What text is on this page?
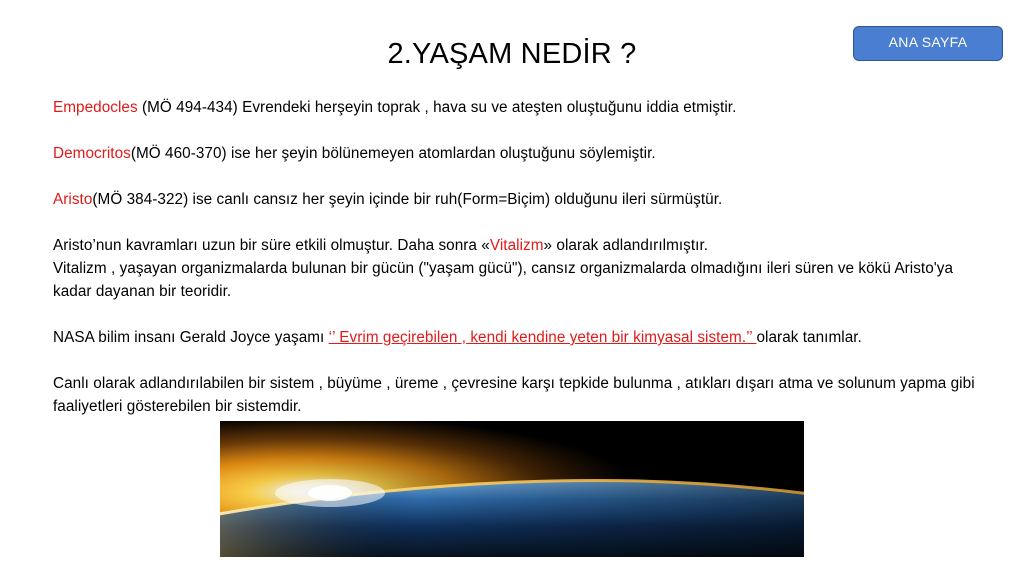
ANA SAYFA
2.YAŞAM NEDİR ?

Empedocles (MÖ 494-434) Evrendeki herşeyin toprak , hava su ve ateşten oluştuğunu iddia etmiştir.

Democritos(MÖ 460-370) ise her şeyin bölünemeyen atomlardan oluştuğunu söylemiştir.

Aristo(MÖ 384-322) ise canlı cansız her şeyin içinde bir ruh(Form=Biçim) olduğunu ileri sürmüştür.

Aristo’nun kavramları uzun bir süre etkili olmuştur. Daha sonra «Vitalizm» olarak adlandırılmıştır.

Vitalizm , yaşayan organizmalarda bulunan bir gücün ("yaşam gücü"), cansız organizmalarda olmadığını ileri süren ve kökü Aristo'ya kadar dayanan bir teoridir.

NASA bilim insanı Gerald Joyce yaşamı ‘’ Evrim geçirebilen , kendi kendine yeten bir kimyasal sistem.’’ olarak tanımlar.

Canlı olarak adlandırılabilen bir sistem , büyüme , üreme , çevresine karşı tepkide bulunma , atıkları dışarı atma ve solunum yapma gibi faaliyetleri gösterebilen bir sistemdir.
